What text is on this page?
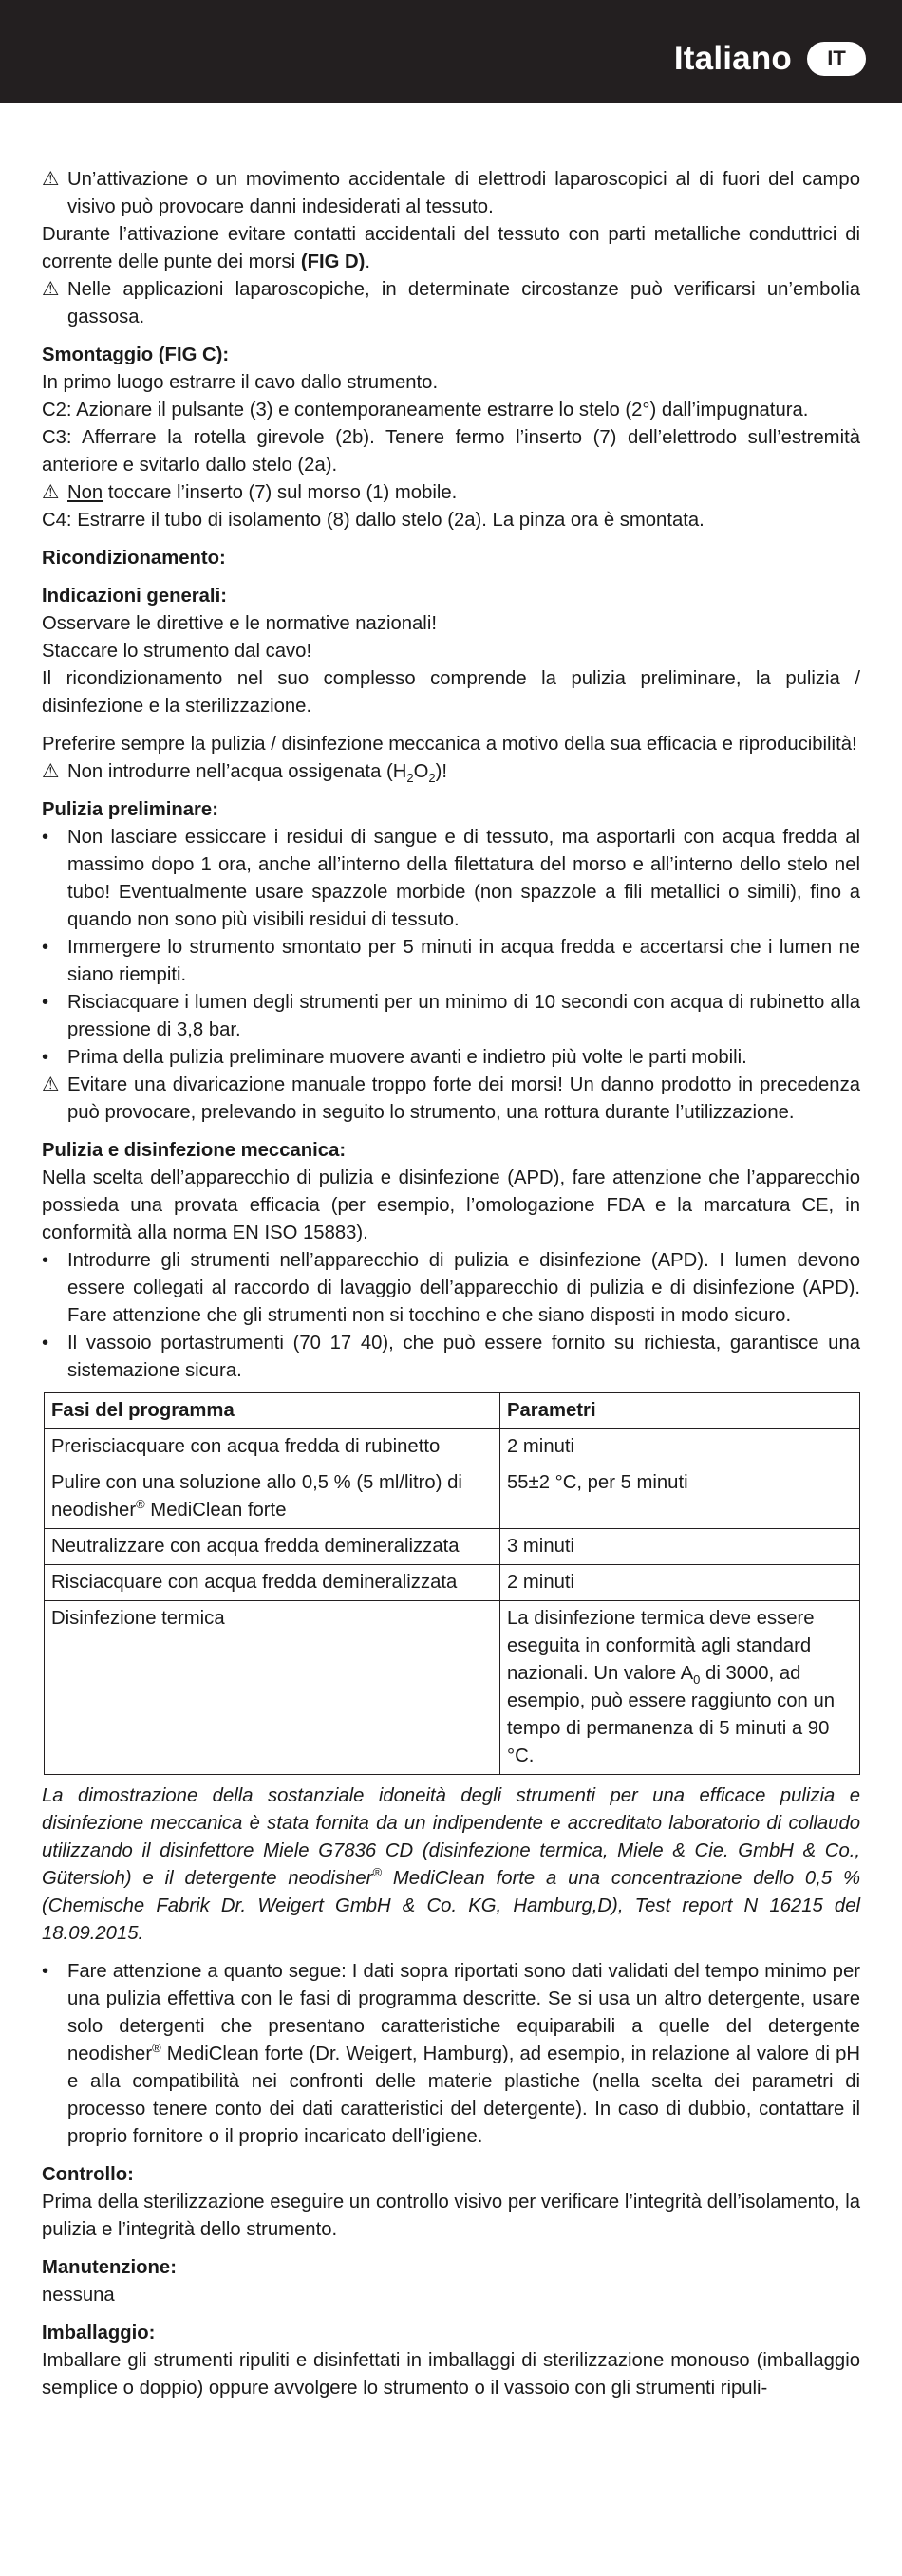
Italiano	IT

⚠ Un’attivazione o un movimento accidentale di elettrodi laparoscopici al di fuori del campo visivo può provocare danni indesiderati al tessuto.

Durante l’attivazione evitare contatti accidentali del tessuto con parti metalliche conduttrici di corrente delle punte dei morsi (FIG D).

⚠ Nelle applicazioni laparoscopiche, in determinate circostanze può verificarsi un’embolia gassosa.

Smontaggio (FIG C):

In primo luogo estrarre il cavo dallo strumento.

C2: Azionare il pulsante (3) e contemporaneamente estrarre lo stelo (2°) dall’impugnatura.

C3: Afferrare la rotella girevole (2b). Tenere fermo l’inserto (7) dell’elettrodo sull’estremità anteriore e svitarlo dallo stelo (2a).

⚠ Non toccare l’inserto (7) sul morso (1) mobile.

C4: Estrarre il tubo di isolamento (8) dallo stelo (2a). La pinza ora è smontata.

Ricondizionamento:

Indicazioni generali:

Osservare le direttive e le normative nazionali!

Staccare lo strumento dal cavo!

Il ricondizionamento nel suo complesso comprende la pulizia preliminare, la pulizia / disinfezione e la sterilizzazione.

Preferire sempre la pulizia / disinfezione meccanica a motivo della sua efficacia e riproducibilità!

⚠ Non introdurre nell’acqua ossigenata $(H_2O_2)$!

Pulizia preliminare:

• Non lasciare essiccare i residui di sangue e di tessuto, ma asportarli con acqua fredda al massimo dopo 1 ora, anche all’interno della filettatura del morso e all’interno dello stelo nel tubo! Eventualmente usare spazzole morbide (non spazzole a fili metallici o simili), fino a quando non sono più visibili residui di tessuto.

• Immergere lo strumento smontato per 5 minuti in acqua fredda e accertarsi che i lumen ne siano riempiti.

• Risciacquare i lumen degli strumenti per un minimo di 10 secondi con acqua di rubinetto alla pressione di 3,8 bar.

• Prima della pulizia preliminare muovere avanti e indietro più volte le parti mobili.

⚠ Evitare una divaricazione manuale troppo forte dei morsi! Un danno prodotto in precedenza può provocare, prelevando in seguito lo strumento, una rottura durante l’utilizzazione.

Pulizia e disinfezione meccanica:

Nella scelta dell’apparecchio di pulizia e disinfezione (APD), fare attenzione che l’apparecchio possieda una provata efficacia (per esempio, l’omologazione FDA e la marcatura CE, in conformità alla norma EN ISO 15883).

• Introdurre gli strumenti nell’apparecchio di pulizia e disinfezione (APD). I lumen devono essere collegati al raccordo di lavaggio dell’apparecchio di pulizia e di disinfezione (APD). Fare attenzione che gli strumenti non si tocchino e che siano disposti in modo sicuro.

• Il vassoio portastrumenti (70 17 40), che può essere fornito su richiesta, garantisce una sistemazione sicura.

Fasi del programma	Parametri
Prerisciacquare con acqua fredda di rubinetto	2 minuti
Pulire con una soluzione allo 0,5 % (5 ml/litro) di neodisher® MediClean forte	55±2 °C, per 5 minuti
Neutralizzare con acqua fredda demineralizzata	3 minuti
Risciacquare con acqua fredda demineralizzata	2 minuti
Disinfezione termica	La disinfezione termica deve essere eseguita in conformità agli standard nazionali. Un valore $A_0$ di 3000, ad esempio, può essere raggiunto con un tempo di permanenza di 5 minuti a 90 °C.

La dimostrazione della sostanziale idoneità degli strumenti per una efficace pulizia e disinfezione meccanica è stata fornita da un indipendente e accreditato laboratorio di collaudo utilizzando il disinfettore Miele G7836 CD (disinfezione termica, Miele & Cie. GmbH & Co., Gütersloh) e il detergente neodisher® MediClean forte a una concentrazione dello 0,5 % (Chemische Fabrik Dr. Weigert GmbH & Co. KG, Hamburg,D), Test report N 16215 del 18.09.2015.

• Fare attenzione a quanto segue: I dati sopra riportati sono dati validati del tempo minimo per una pulizia effettiva con le fasi di programma descritte. Se si usa un altro detergente, usare solo detergenti che presentano caratteristiche equiparabili a quelle del detergente neodisher® MediClean forte (Dr. Weigert, Hamburg), ad esempio, in relazione al valore di pH e alla compatibilità nei confronti delle materie plastiche (nella scelta dei parametri di processo tenere conto dei dati caratteristici del detergente). In caso di dubbio, contattare il proprio fornitore o il proprio incaricato dell’igiene.

Controllo:

Prima della sterilizzazione eseguire un controllo visivo per verificare l’integrità dell’isolamento, la pulizia e l’integrità dello strumento.

Manutenzione:

nessuna

Imballaggio:

Imballare gli strumenti ripuliti e disinfettati in imballaggi di sterilizzazione monouso (imballaggio semplice o doppio) oppure avvolgere lo strumento o il vassoio con gli strumenti ripuli-
